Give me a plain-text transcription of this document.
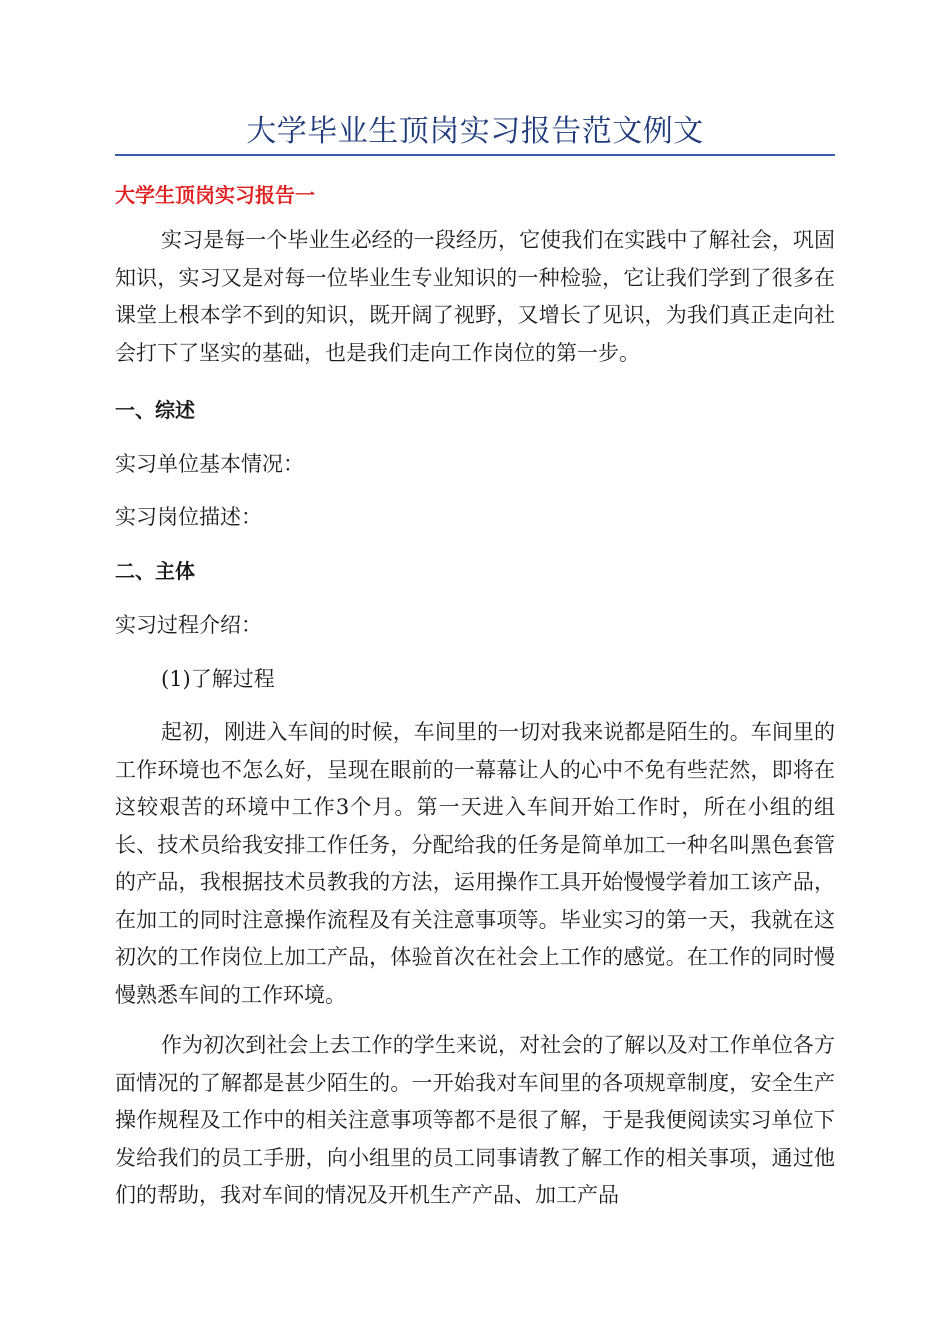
大学毕业生顶岗实习报告范文例文
大学生顶岗实习报告一

实习是每一个毕业生必经的一段经历，它使我们在实践中了解社会，巩固知识，实习又是对每一位毕业生专业知识的一种检验，它让我们学到了很多在课堂上根本学不到的知识，既开阔了视野，又增长了见识，为我们真正走向社会打下了坚实的基础，也是我们走向工作岗位的第一步。

一、综述

实习单位基本情况：

实习岗位描述：

二、主体

实习过程介绍：

(1)了解过程

起初，刚进入车间的时候，车间里的一切对我来说都是陌生的。车间里的工作环境也不怎么好，呈现在眼前的一幕幕让人的心中不免有些茫然，即将在这较艰苦的环境中工作3个月。第一天进入车间开始工作时，所在小组的组长、技术员给我安排工作任务，分配给我的任务是简单加工一种名叫黑色套管的产品，我根据技术员教我的方法，运用操作工具开始慢慢学着加工该产品，在加工的同时注意操作流程及有关注意事项等。毕业实习的第一天，我就在这初次的工作岗位上加工产品，体验首次在社会上工作的感觉。在工作的同时慢慢熟悉车间的工作环境。

作为初次到社会上去工作的学生来说，对社会的了解以及对工作单位各方面情况的了解都是甚少陌生的。一开始我对车间里的各项规章制度，安全生产操作规程及工作中的相关注意事项等都不是很了解，于是我便阅读实习单位下发给我们的员工手册，向小组里的员工同事请教了解工作的相关事项，通过他们的帮助，我对车间的情况及开机生产产品、加工产品
